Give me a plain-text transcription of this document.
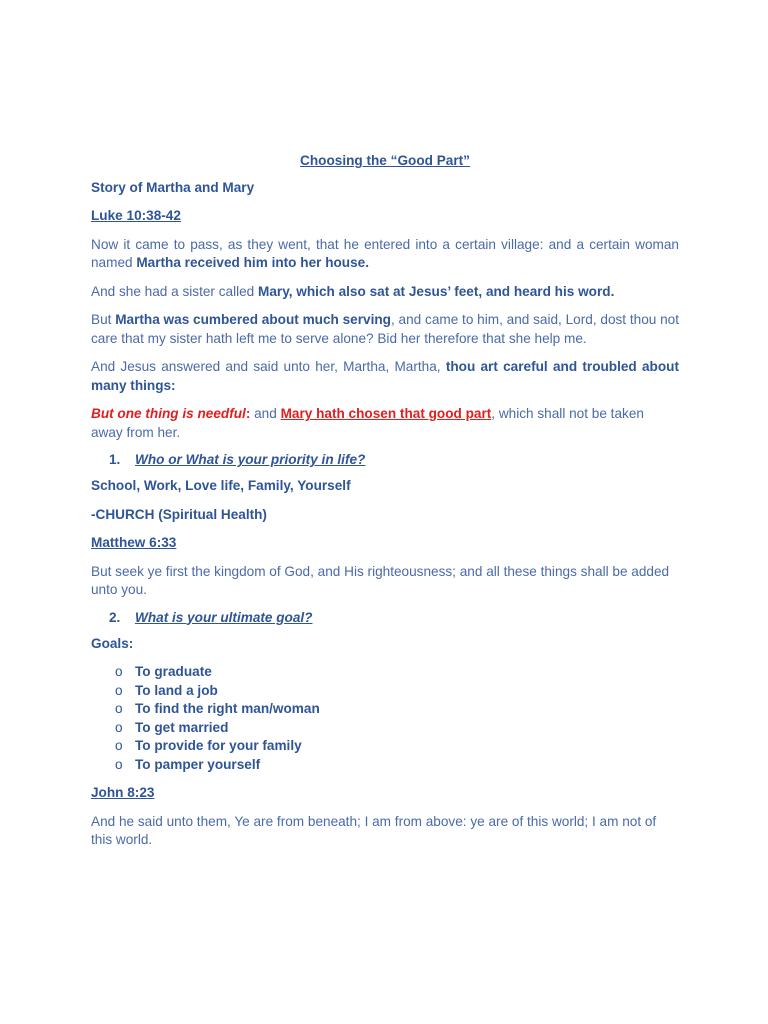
Choosing the “Good Part”

Story of Martha and Mary

Luke 10:38-42

Now it came to pass, as they went, that he entered into a certain village: and a certain woman named Martha received him into her house.

And she had a sister called Mary, which also sat at Jesus’ feet, and heard his word.

But Martha was cumbered about much serving, and came to him, and said, Lord, dost thou not care that my sister hath left me to serve alone? Bid her therefore that she help me.

And Jesus answered and said unto her, Martha, Martha, thou art careful and troubled about many things:

But one thing is needful: and Mary hath chosen that good part, which shall not be taken away from her.

1.	Who or What is your priority in life?

School, Work, Love life, Family, Yourself

-CHURCH (Spiritual Health)

Matthew 6:33

But seek ye first the kingdom of God, and His righteousness; and all these things shall be added unto you.

2.	What is your ultimate goal?

Goals:

o To graduate
o To land a job
o To find the right man/woman
o To get married
o To provide for your family
o To pamper yourself

John 8:23

And he said unto them, Ye are from beneath; I am from above: ye are of this world; I am not of this world.
